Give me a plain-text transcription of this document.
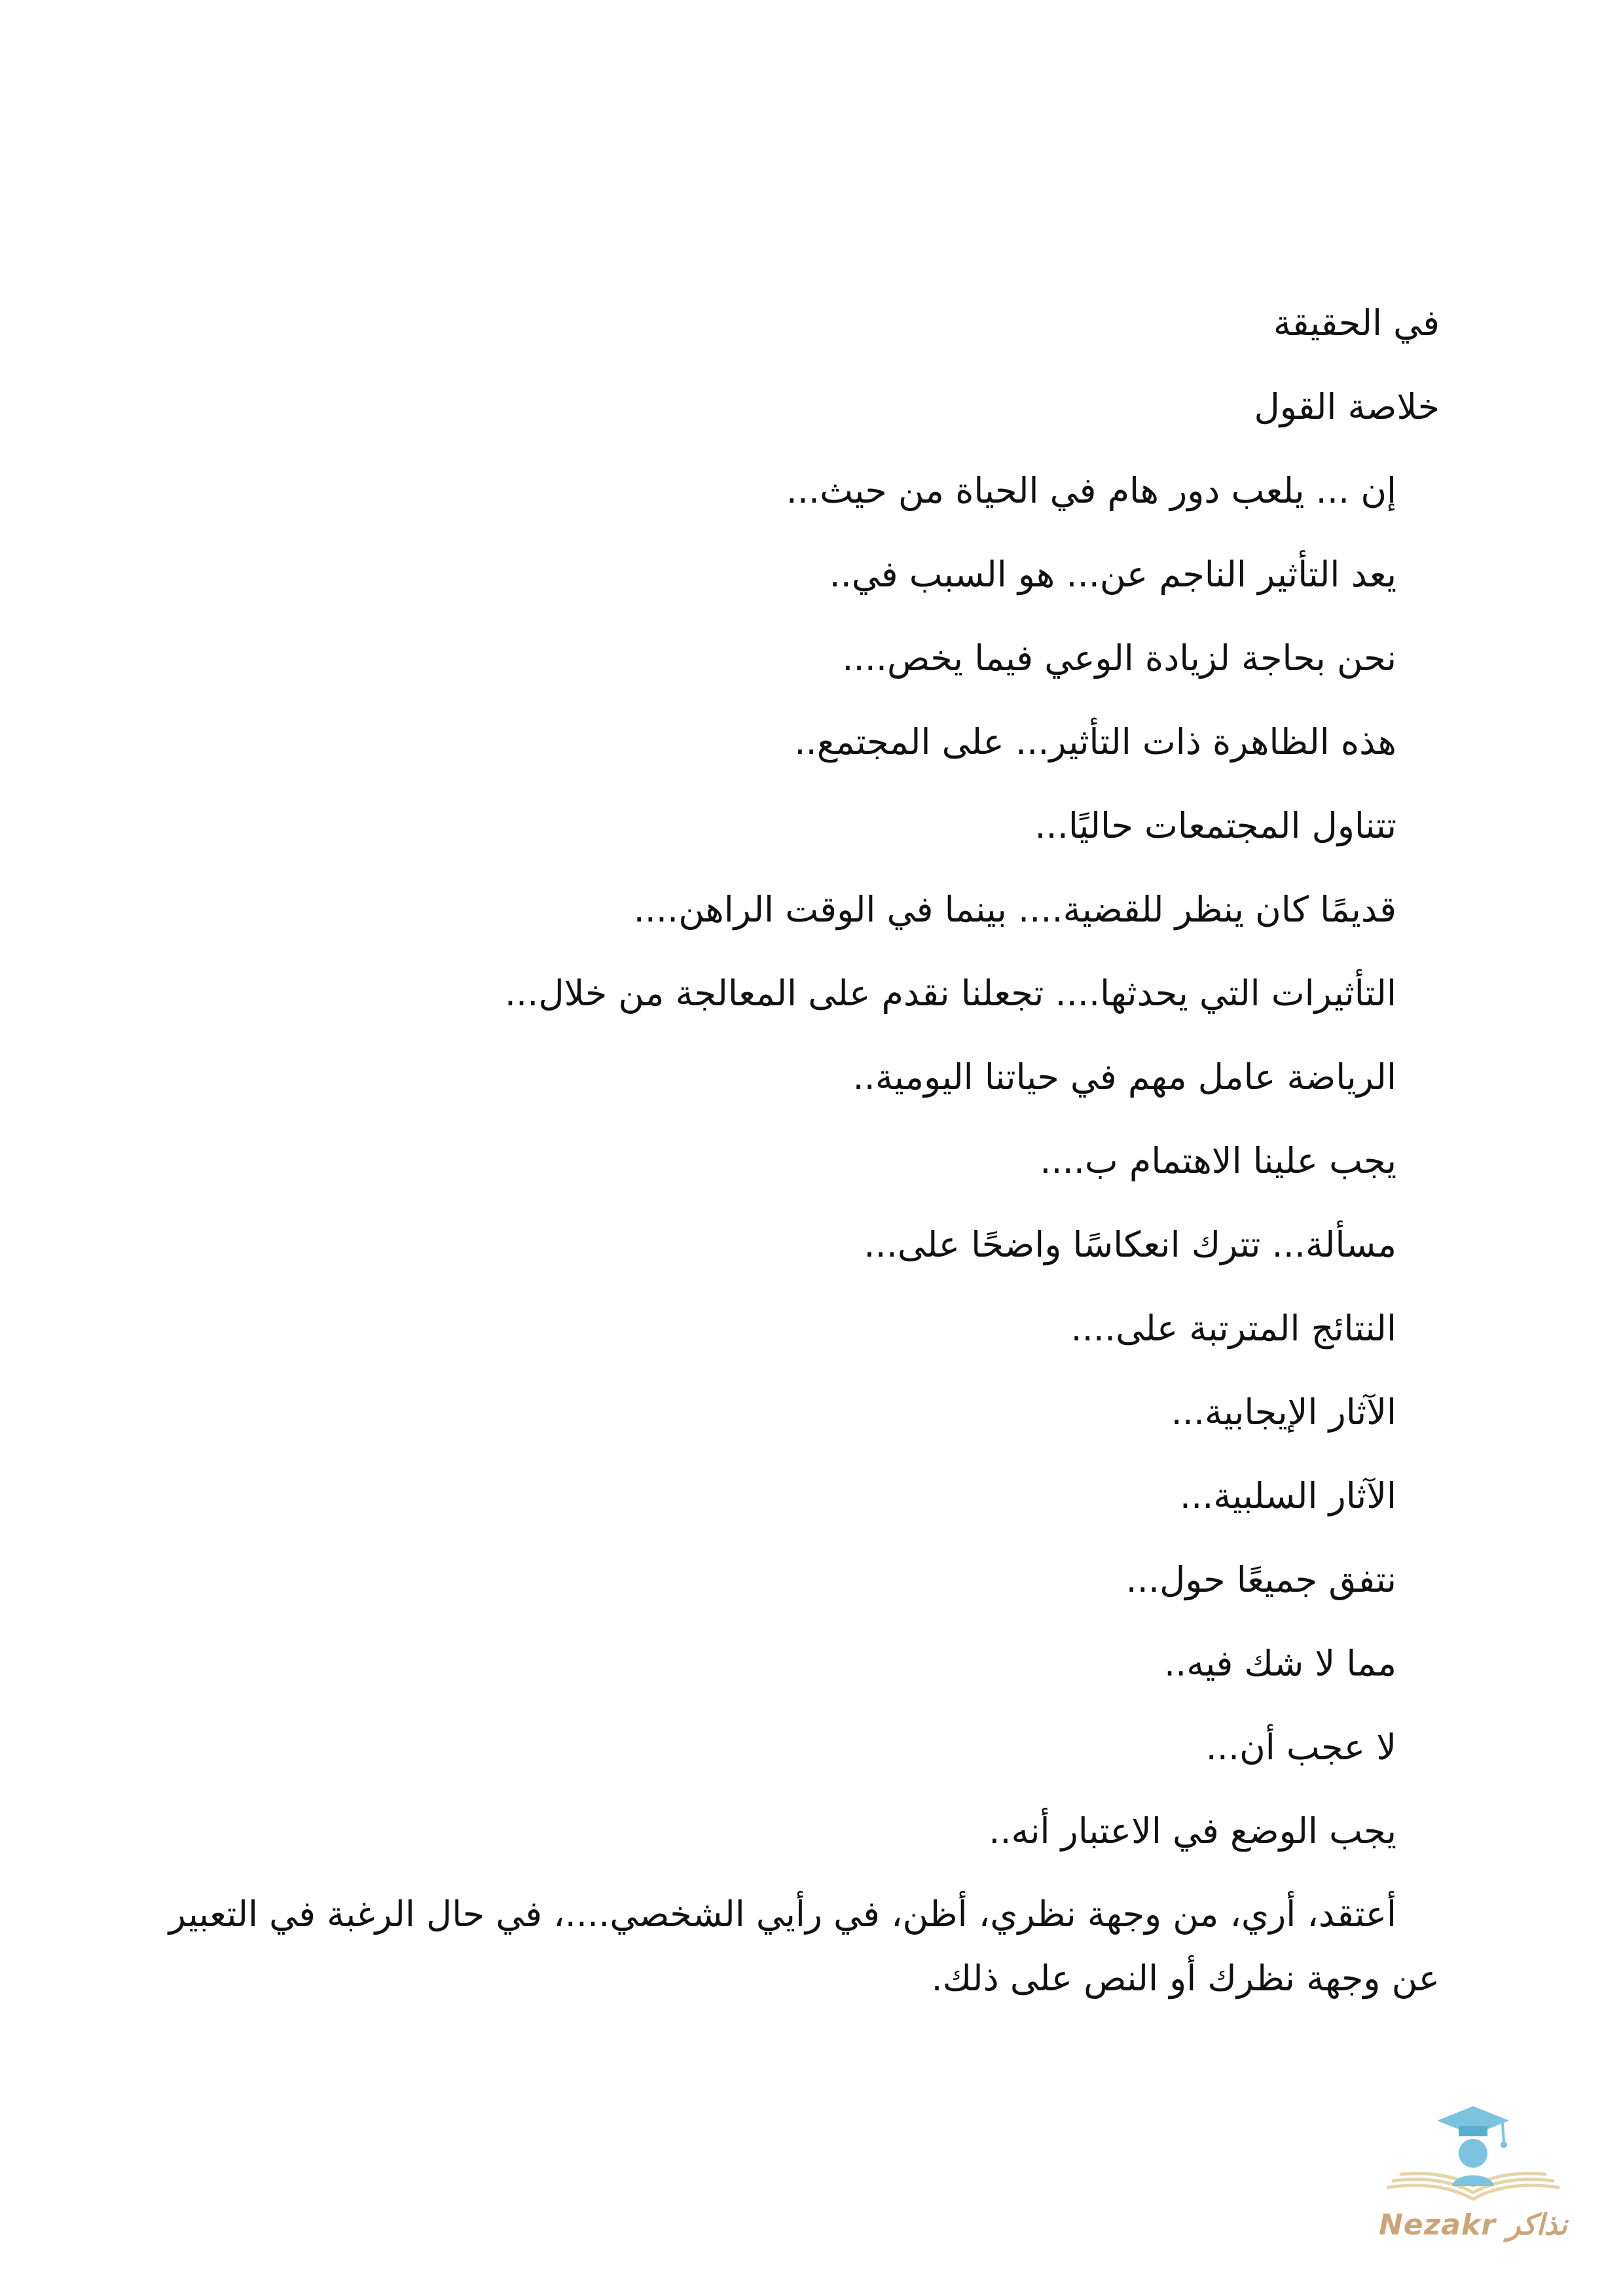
في الحقيقة
خلاصة القول
إن ... يلعب دور هام في الحياة من حيث...
يعد التأثير الناجم عن... هو السبب في..
نحن بحاجة لزيادة الوعي فيما يخص....
هذه الظاهرة ذات التأثير... على المجتمع..
تتناول المجتمعات حاليًا...
قديمًا كان ينظر للقضية.... بينما في الوقت الراهن....
التأثيرات التي يحدثها.... تجعلنا نقدم على المعالجة من خلال...
الرياضة عامل مهم في حياتنا اليومية..
يجب علينا الاهتمام ب....
مسألة... تترك انعكاسًا واضحًا على...
النتائج المترتبة على....
الآثار الإيجابية...
الآثار السلبية...
نتفق جميعًا حول...
مما لا شك فيه..
لا عجب أن...
يجب الوضع في الاعتبار أنه..
أعتقد، أري، من وجهة نظري، أظن، في رأيي الشخصي....، في حال الرغبة في التعبير عن وجهة نظرك أو النص على ذلك.
Nezakr نذاكر
